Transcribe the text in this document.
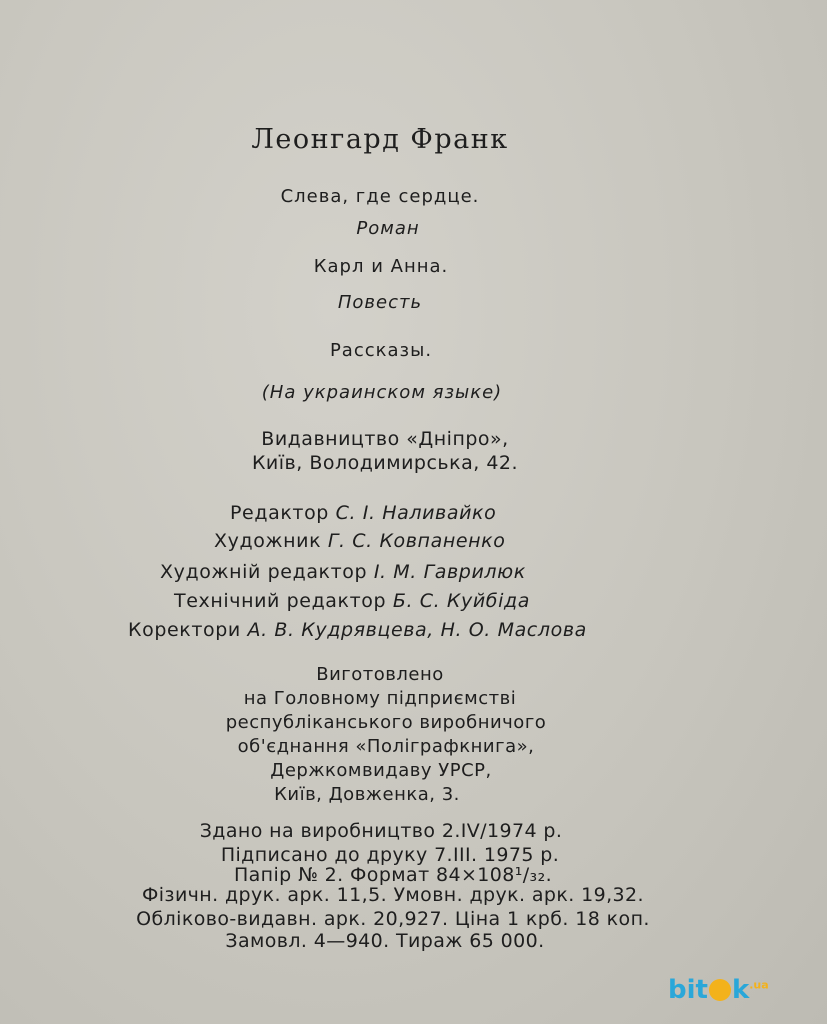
Леонгард Франк
Слева, где сердце.
Роман
Карл и Анна.
Повесть
Рассказы.
(На украинском языке)
Видавництво «Дніпро»,
Київ, Володимирська, 42.
Редактор С. І. Наливайко
Художник Г. С. Ковпаненко
Художній редактор І. М. Гаврилюк
Технічний редактор Б. С. Куйбіда
Коректори А. В. Кудрявцева, Н. О. Маслова
Виготовлено
на Головному підприємстві
республіканського виробничого
об'єднання «Поліграфкнига»,
Держкомвидаву УРСР,
Київ, Довженка, 3.
Здано на виробництво 2.IV/1974 р.
Підписано до друку 7.ІІІ. 1975 р.
Папір № 2. Формат 84×108¹/₃₂.
Фізичн. друк. арк. 11,5. Умовн. друк. арк. 19,32.
Обліково-видавн. арк. 20,927. Ціна 1 крб. 18 коп.
Замовл. 4—940. Тираж 65 000.
bit $k^{.ua}$
